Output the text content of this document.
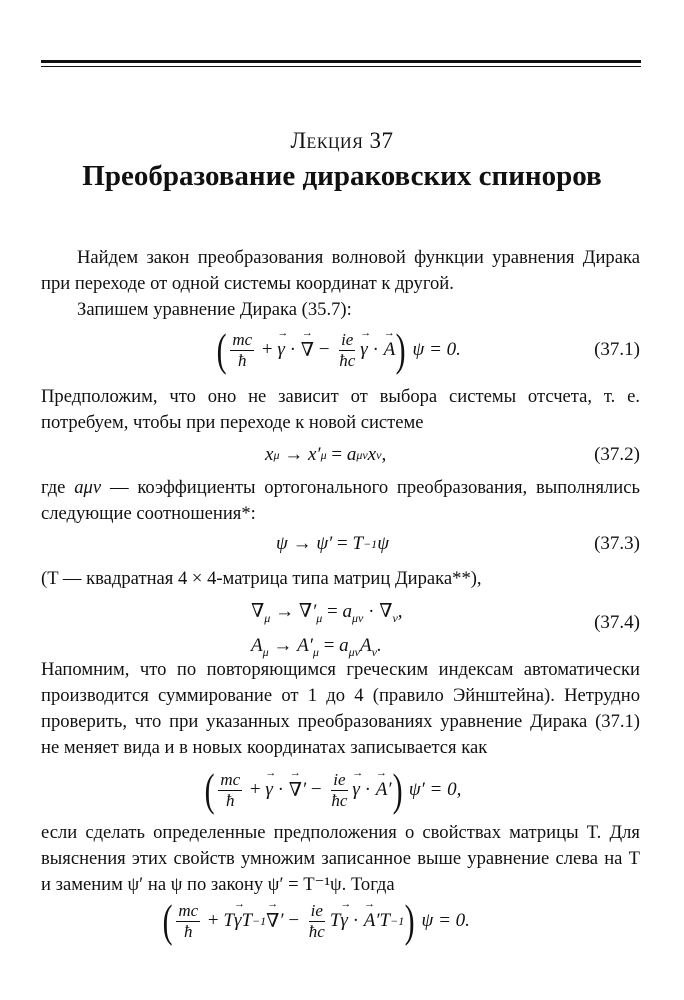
Лекция 37
Преобразование дираковских спиноров
Найдем закон преобразования волновой функции уравнения Дирака при переходе от одной системы координат к другой.
Запишем уравнение Дирака (35.7):
( $\frac{mc}{ħ} + \gamma$ → · ∇ → − $\frac{ie}{ħc}$ γ → · A → ) ψ = 0.	(37.1)
Предположим, что оно не зависит от выбора системы отсчета, т. е. потребуем, чтобы при переходе к новой системе
x μ → x′ μ = a μν x ν ,	(37.2)
где aμν — коэффициенты ортогонального преобразования, выполнялись следующие соотношения*:
ψ → ψ′ = T −1 ψ	(37.3)
(T — квадратная 4 × 4-матрица типа матриц Дирака**),
$\nabla_\mu \to \nabla'_\mu = a_{\mu\nu} \cdot \nabla_\nu$,
$A_\mu \to A'_\mu = a_{\mu\nu}A_\nu$.
(37.4)
Напомним, что по повторяющимся греческим индексам автоматически производится суммирование от 1 до 4 (правило Эйнштейна). Нетрудно проверить, что при указанных преобразованиях уравнение Дирака (37.1) не меняет вида и в новых координатах записывается как
( $\frac{mc}{ħ} + \gamma$ → · ∇ → ′ − $\frac{ie}{ħc}$ γ → · A → ′ ) ψ′ = 0,
если сделать определенные предположения о свойствах матрицы T. Для выяснения этих свойств умножим записанное выше уравнение слева на T и заменим ψ′ на ψ по закону ψ′ = T⁻¹ψ. Тогда
( $\frac{mc}{ħ} + T$ γ → T −1 ∇ → ′ − $\frac{ie}{ħc}$ T γ → · A → ′T −1 ) ψ = 0.
